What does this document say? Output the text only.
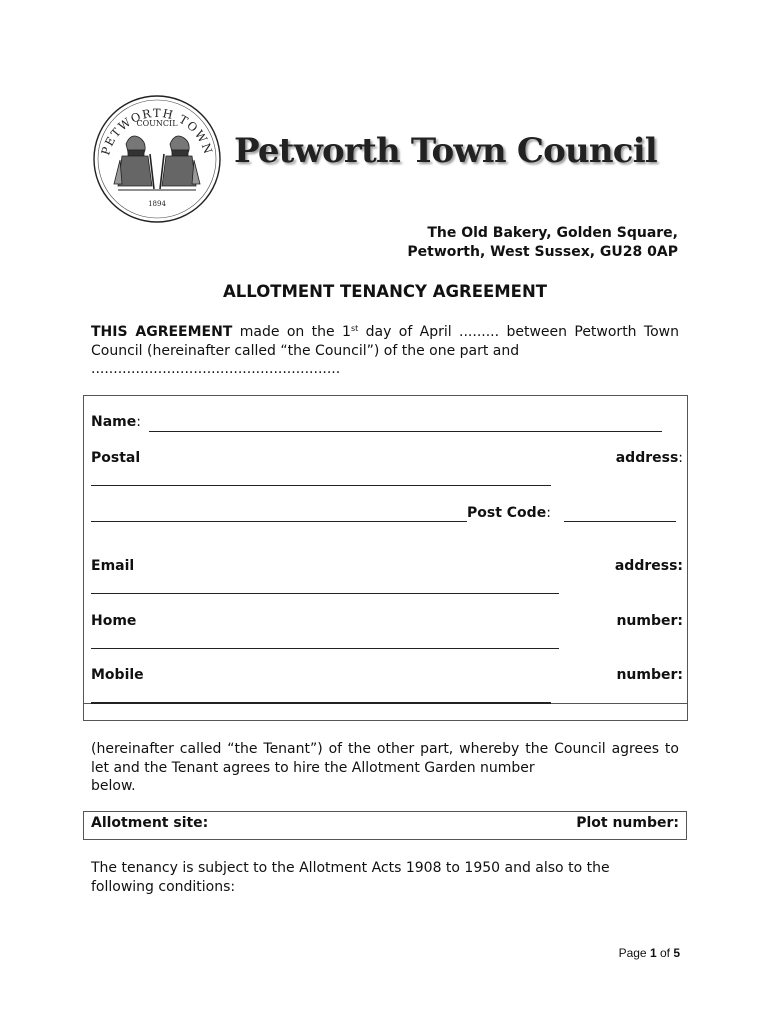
PETWORTH TOWN
COUNCIL
1894
Petworth Town Council
The Old Bakery, Golden Square,
Petworth, West Sussex, GU28 0AP
ALLOTMENT TENANCY AGREEMENT
THIS AGREEMENT made on the 1st day of April ......... between Petworth Town Council (hereinafter called “the Council”) of the one part and
........................................................
Name:
Postal	address:
Post Code:
Email	address:
Home	number:
Mobile	number:
(hereinafter called “the Tenant”) of the other part, whereby the Council agrees to let and the Tenant agrees to hire the Allotment Garden number
below.
Allotment site:	Plot number:
The tenancy is subject to the Allotment Acts 1908 to 1950 and also to the
following conditions:
Page 1 of 5
